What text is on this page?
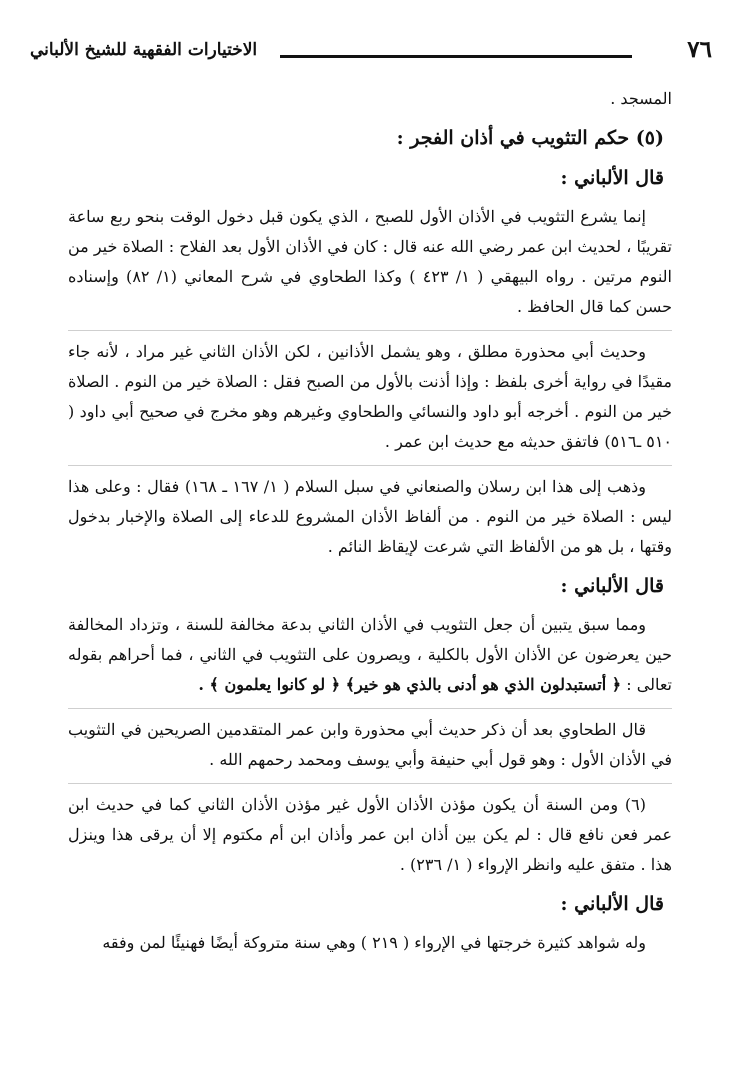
٧٦
الاختيارات الفقهية للشيخ الألباني

المسجد .

(٥) حكم التثويب في أذان الفجر :
قال الألباني :

إنما يشرع التثويب في الأذان الأول للصبح ، الذي يكون قبل دخول الوقت بنحو ربع ساعة تقريبًا ، لحديث ابن عمر رضي الله عنه قال : كان في الأذان الأول بعد الفلاح : الصلاة خير من النوم مرتين . رواه البيهقي ( ١/ ٤٢٣ ) وكذا الطحاوي في شرح المعاني (١/ ٨٢) وإسناده حسن كما قال الحافظ .

وحديث أبي محذورة مطلق ، وهو يشمل الأذانين ، لكن الأذان الثاني غير مراد ، لأنه جاء مقيدًا في رواية أخرى بلفظ : وإذا أذنت بالأول من الصبح فقل : الصلاة خير من النوم . الصلاة خير من النوم . أخرجه أبو داود والنسائي والطحاوي وغيرهم وهو مخرج في صحيح أبي داود ( ٥١٠ ـ٥١٦) فاتفق حديثه مع حديث ابن عمر .

وذهب إلى هذا ابن رسلان والصنعاني في سبل السلام ( ١/ ١٦٧ ـ ١٦٨) فقال : وعلى هذا ليس : الصلاة خير من النوم . من ألفاظ الأذان المشروع للدعاء إلى الصلاة والإخبار بدخول وقتها ، بل هو من الألفاظ التي شرعت لإيقاظ النائم .

قال الألباني :

ومما سبق يتبين أن جعل التثويب في الأذان الثاني بدعة مخالفة للسنة ، وتزداد المخالفة حين يعرضون عن الأذان الأول بالكلية ، ويصرون على التثويب في الثاني ، فما أحراهم بقوله تعالى : ﴿ أتستبدلون الذي هو أدنى بالذي هو خير﴾ ﴿ لو كانوا يعلمون ﴾ .

قال الطحاوي بعد أن ذكر حديث أبي محذورة وابن عمر المتقدمين الصريحين في التثويب في الأذان الأول : وهو قول أبي حنيفة وأبي يوسف ومحمد رحمهم الله .

(٦) ومن السنة أن يكون مؤذن الأذان الأول غير مؤذن الأذان الثاني كما في حديث ابن عمر فعن نافع قال : لم يكن بين أذان ابن عمر وأذان ابن أم مكتوم إلا أن يرقى هذا وينزل هذا . متفق عليه وانظر الإرواء ( ١/ ٢٣٦) .

قال الألباني :

وله شواهد كثيرة خرجتها في الإرواء ( ٢١٩ ) وهي سنة متروكة أيضًا فهنيئًا لمن وفقه
